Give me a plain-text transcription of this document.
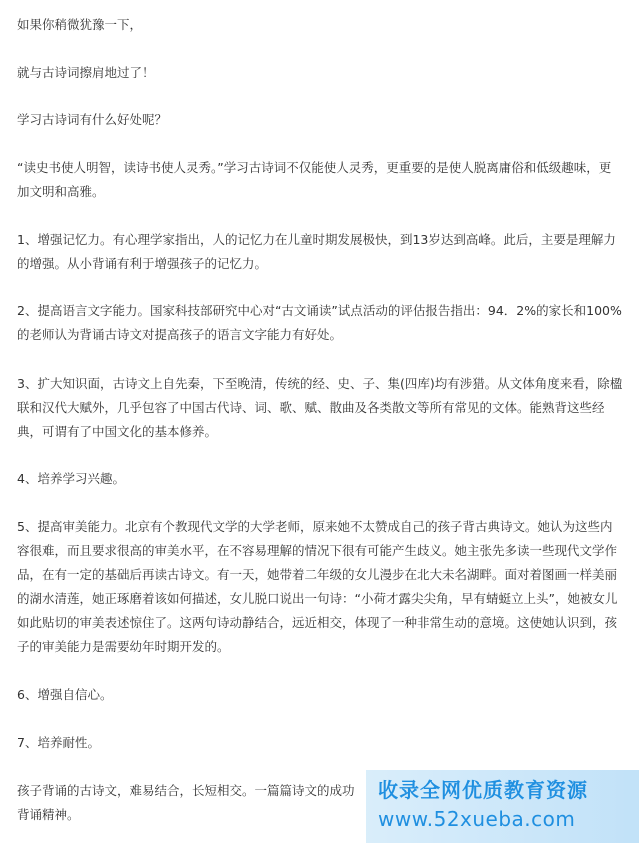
如果你稍微犹豫一下，

就与古诗词擦肩地过了！

学习古诗词有什么好处呢？

“读史书使人明智，读诗书使人灵秀。”学习古诗词不仅能使人灵秀，更重要的是使人脱离庸俗和低级趣味，更加文明和高雅。

1、增强记忆力。有心理学家指出，人的记忆力在儿童时期发展极快，到13岁达到高峰。此后，主要是理解力的增强。从小背诵有利于增强孩子的记忆力。

2、提高语言文字能力。国家科技部研究中心对“古文诵读”试点活动的评估报告指出：94．2%的家长和100%的老师认为背诵古诗文对提高孩子的语言文字能力有好处。

3、扩大知识面，古诗文上自先秦，下至晚清，传统的经、史、子、集(四库)均有涉猎。从文体角度来看，除楹联和汉代大赋外，几乎包容了中国古代诗、词、歌、赋、散曲及各类散文等所有常见的文体。能熟背这些经典，可谓有了中国文化的基本修养。

4、培养学习兴趣。

5、提高审美能力。北京有个教现代文学的大学老师，原来她不太赞成自己的孩子背古典诗文。她认为这些内容很难，而且要求很高的审美水平，在不容易理解的情况下很有可能产生歧义。她主张先多读一些现代文学作品，在有一定的基础后再读古诗文。有一天，她带着二年级的女儿漫步在北大未名湖畔。面对着图画一样美丽的湖水清莲，她正琢磨着该如何描述，女儿脱口说出一句诗：“小荷才露尖尖角，早有蜻蜓立上头”，她被女儿如此贴切的审美表述惊住了。这两句诗动静结合，远近相交，体现了一种非常生动的意境。这使她认识到，孩子的审美能力是需要幼年时期开发的。

6、增强自信心。

7、培养耐性。

孩子背诵的古诗文，难易结合，长短相交。一篇篇诗文的成功背诵精神。

收录全网优质教育资源
www.52xueba.com
